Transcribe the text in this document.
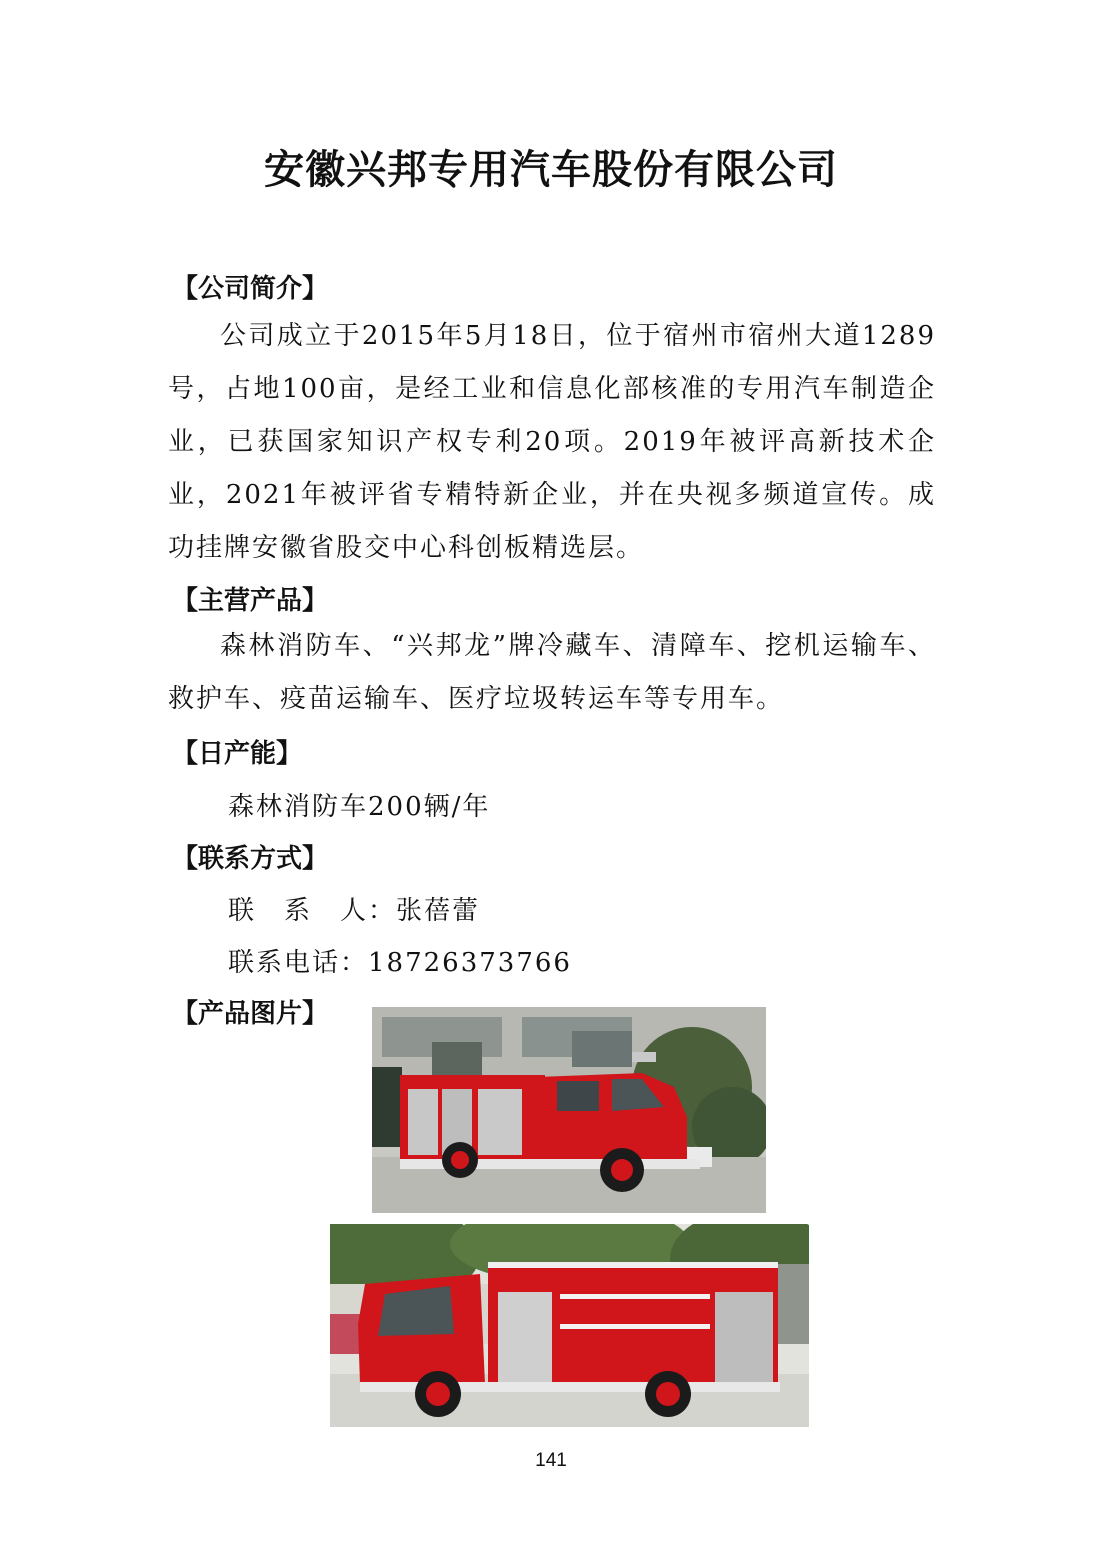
安徽兴邦专用汽车股份有限公司
【公司简介】
公司成立于2015年5月18日，位于宿州市宿州大道1289号，占地100亩，是经工业和信息化部核准的专用汽车制造企业，已获国家知识产权专利20项。2019年被评高新技术企业，2021年被评省专精特新企业，并在央视多频道宣传。成功挂牌安徽省股交中心科创板精选层。
【主营产品】
森林消防车、“兴邦龙”牌冷藏车、清障车、挖机运输车、救护车、疫苗运输车、医疗垃圾转运车等专用车。
【日产能】
森林消防车200辆/年
【联系方式】
联　系　人：张蓓蕾
联系电话：18726373766
【产品图片】
141
